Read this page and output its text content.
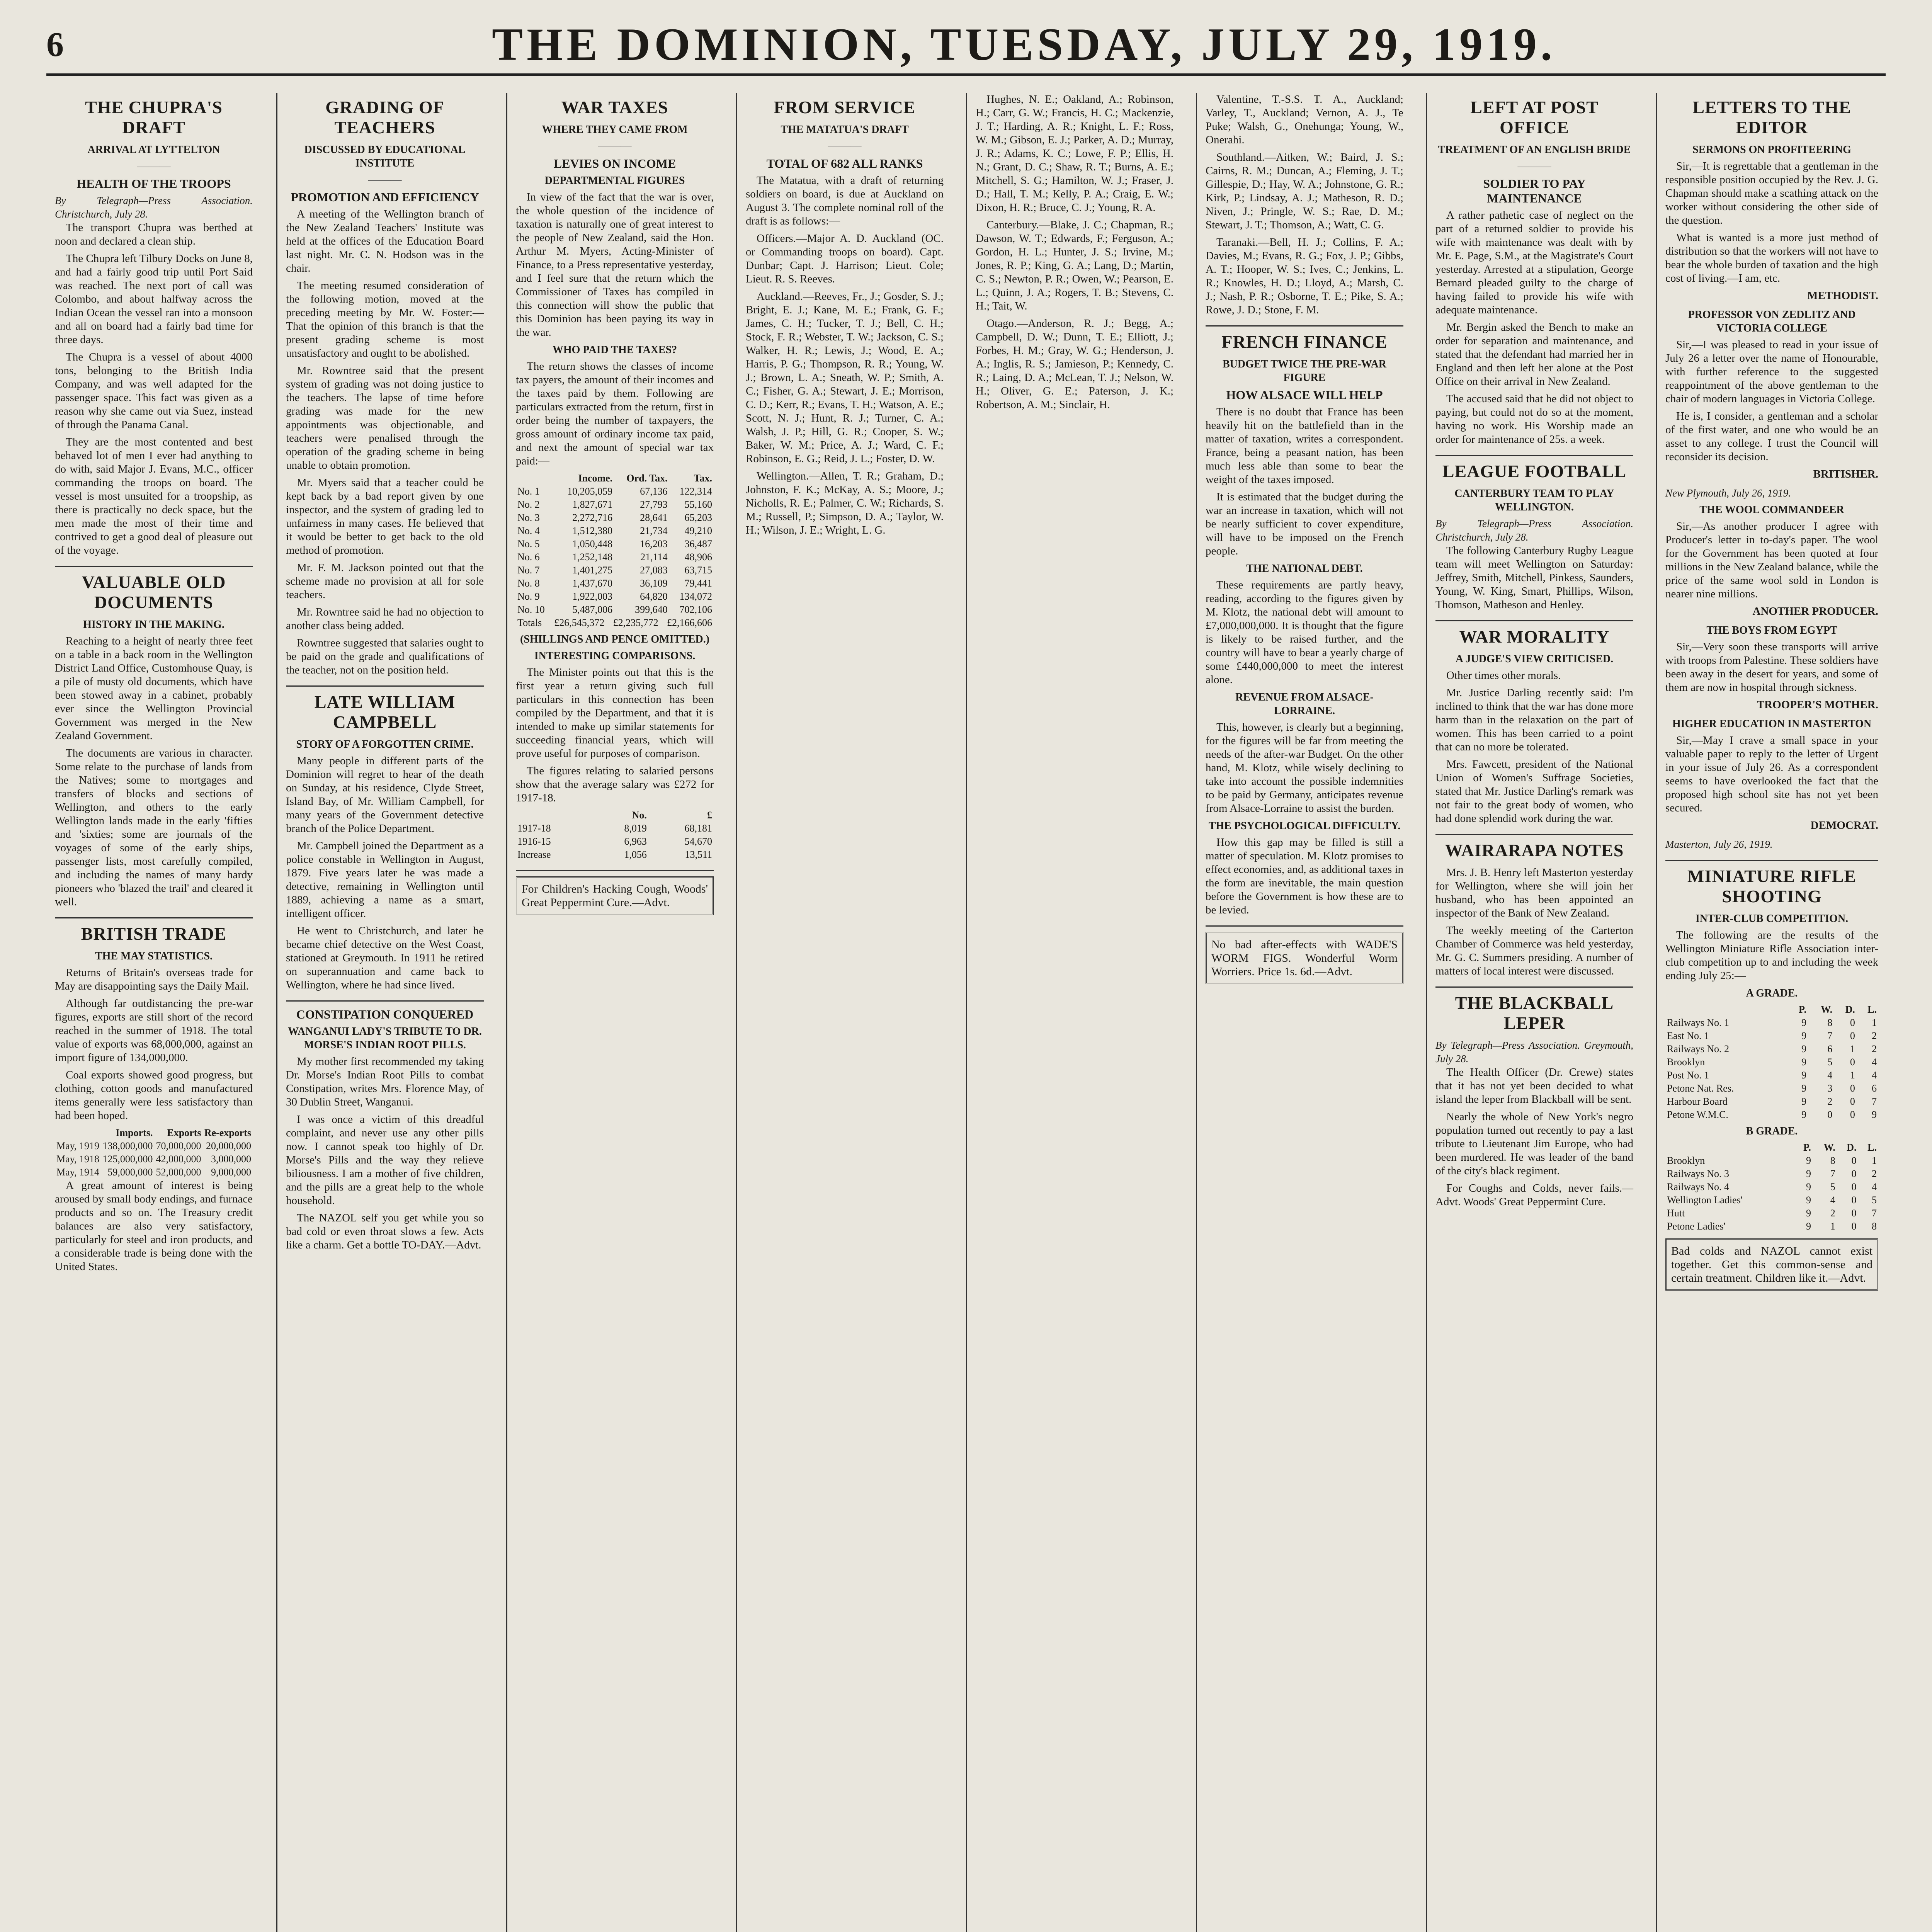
6	THE DOMINION, TUESDAY, JULY 29, 1919.
THE CHUPRA'S DRAFT
ARRIVAL AT LYTTELTON
———
HEALTH OF THE TROOPS
By Telegraph—Press Association. Christchurch, July 28.

The transport Chupra was berthed at noon and declared a clean ship.

The Chupra left Tilbury Docks on June 8, and had a fairly good trip until Port Said was reached. The next port of call was Colombo, and about halfway across the Indian Ocean the vessel ran into a monsoon and all on board had a fairly bad time for three days.

The Chupra is a vessel of about 4000 tons, belonging to the British India Company, and was well adapted for the passenger space. This fact was given as a reason why she came out via Suez, instead of through the Panama Canal.

They are the most contented and best behaved lot of men I ever had anything to do with, said Major J. Evans, M.C., officer commanding the troops on board. The vessel is most unsuited for a troopship, as there is practically no deck space, but the men made the most of their time and contrived to get a good deal of pleasure out of the voyage.

VALUABLE OLD DOCUMENTS
HISTORY IN THE MAKING.

Reaching to a height of nearly three feet on a table in a back room in the Wellington District Land Office, Customhouse Quay, is a pile of musty old documents, which have been stowed away in a cabinet, probably ever since the Wellington Provincial Government was merged in the New Zealand Government.

The documents are various in character. Some relate to the purchase of lands from the Natives; some to mortgages and transfers of blocks and sections of Wellington, and others to the early Wellington lands made in the early 'fifties and 'sixties; some are journals of the voyages of some of the early ships, passenger lists, most carefully compiled, and including the names of many hardy pioneers who 'blazed the trail' and cleared it well.

BRITISH TRADE
THE MAY STATISTICS.

Returns of Britain's overseas trade for May are disappointing says the Daily Mail.

Although far outdistancing the pre-war figures, exports are still short of the record reached in the summer of 1918. The total value of exports was 68,000,000, against an import figure of 134,000,000.

Coal exports showed good progress, but clothing, cotton goods and manufactured items generally were less satisfactory than had been hoped.

	Imports.	Exports	Re-exports
May, 1919	138,000,000	70,000,000	20,000,000
May, 1918	125,000,000	42,000,000	3,000,000
May, 1914	59,000,000	52,000,000	9,000,000

A great amount of interest is being aroused by small body endings, and furnace products and so on. The Treasury credit balances are also very satisfactory, particularly for steel and iron products, and a considerable trade is being done with the United States.

GRADING OF TEACHERS
DISCUSSED BY EDUCATIONAL INSTITUTE
———
PROMOTION AND EFFICIENCY

A meeting of the Wellington branch of the New Zealand Teachers' Institute was held at the offices of the Education Board last night. Mr. C. N. Hodson was in the chair.

The meeting resumed consideration of the following motion, moved at the preceding meeting by Mr. W. Foster:— That the opinion of this branch is that the present grading scheme is most unsatisfactory and ought to be abolished.

Mr. Rowntree said that the present system of grading was not doing justice to the teachers. The lapse of time before grading was made for the new appointments was objectionable, and teachers were penalised through the operation of the grading scheme in being unable to obtain promotion.

Mr. Myers said that a teacher could be kept back by a bad report given by one inspector, and the system of grading led to unfairness in many cases. He believed that it would be better to get back to the old method of promotion.

Mr. F. M. Jackson pointed out that the scheme made no provision at all for sole teachers.

Mr. Rowntree said he had no objection to another class being added.

Rowntree suggested that salaries ought to be paid on the grade and qualifications of the teacher, not on the position held.

LATE WILLIAM CAMPBELL
STORY OF A FORGOTTEN CRIME.

Many people in different parts of the Dominion will regret to hear of the death on Sunday, at his residence, Clyde Street, Island Bay, of Mr. William Campbell, for many years of the Government detective branch of the Police Department.

Mr. Campbell joined the Department as a police constable in Wellington in August, 1879. Five years later he was made a detective, remaining in Wellington until 1889, achieving a name as a smart, intelligent officer.

He went to Christchurch, and later he became chief detective on the West Coast, stationed at Greymouth. In 1911 he retired on superannuation and came back to Wellington, where he had since lived.

CONSTIPATION CONQUERED
WANGANUI LADY'S TRIBUTE TO DR. MORSE'S INDIAN ROOT PILLS.

My mother first recommended my taking Dr. Morse's Indian Root Pills to combat Constipation, writes Mrs. Florence May, of 30 Dublin Street, Wanganui.

I was once a victim of this dreadful complaint, and never use any other pills now. I cannot speak too highly of Dr. Morse's Pills and the way they relieve biliousness. I am a mother of five children, and the pills are a great help to the whole household.

The NAZOL self you get while you so bad cold or even throat slows a few. Acts like a charm. Get a bottle TO-DAY.—Advt.

WAR TAXES
WHERE THEY CAME FROM
———
LEVIES ON INCOME
DEPARTMENTAL FIGURES

In view of the fact that the war is over, the whole question of the incidence of taxation is naturally one of great interest to the people of New Zealand, said the Hon. Arthur M. Myers, Acting-Minister of Finance, to a Press representative yesterday, and I feel sure that the return which the Commissioner of Taxes has compiled in this connection will show the public that this Dominion has been paying its way in the war.

WHO PAID THE TAXES?

The return shows the classes of income tax payers, the amount of their incomes and the taxes paid by them. Following are particulars extracted from the return, first in order being the number of taxpayers, the gross amount of ordinary income tax paid, and next the amount of special war tax paid:—

	Income.	Ord. Tax.	Tax.
No. 1	10,205,059	67,136	122,314
No. 2	1,827,671	27,793	55,160
No. 3	2,272,716	28,641	65,203
No. 4	1,512,380	21,734	49,210
No. 5	1,050,448	16,203	36,487
No. 6	1,252,148	21,114	48,906
No. 7	1,401,275	27,083	63,715
No. 8	1,437,670	36,109	79,441
No. 9	1,922,003	64,820	134,072
No. 10	5,487,006	399,640	702,106
Totals	£26,545,372	£2,235,772	£2,166,606
(SHILLINGS AND PENCE OMITTED.)
INTERESTING COMPARISONS.

The Minister points out that this is the first year a return giving such full particulars in this connection has been compiled by the Department, and that it is intended to make up similar statements for succeeding financial years, which will prove useful for purposes of comparison.

The figures relating to salaried persons show that the average salary was £272 for 1917-18.

	No.	£
1917-18	8,019	68,181
1916-15	6,963	54,670
Increase	1,056	13,511
For Children's Hacking Cough, Woods' Great Peppermint Cure.—Advt.
FROM SERVICE
THE MATATUA'S DRAFT
———
TOTAL OF 682 ALL RANKS

The Matatua, with a draft of returning soldiers on board, is due at Auckland on August 3. The complete nominal roll of the draft is as follows:—

Officers.—Major A. D. Auckland (OC. or Commanding troops on board). Capt. Dunbar; Capt. J. Harrison; Lieut. Cole; Lieut. R. S. Reeves.

Auckland.—Reeves, Fr., J.; Gosder, S. J.; Bright, E. J.; Kane, M. E.; Frank, G. F.; James, C. H.; Tucker, T. J.; Bell, C. H.; Stock, F. R.; Webster, T. W.; Jackson, C. S.; Walker, H. R.; Lewis, J.; Wood, E. A.; Harris, P. G.; Thompson, R. R.; Young, W. J.; Brown, L. A.; Sneath, W. P.; Smith, A. C.; Fisher, G. A.; Stewart, J. E.; Morrison, C. D.; Kerr, R.; Evans, T. H.; Watson, A. E.; Scott, N. J.; Hunt, R. J.; Turner, C. A.; Walsh, J. P.; Hill, G. R.; Cooper, S. W.; Baker, W. M.; Price, A. J.; Ward, C. F.; Robinson, E. G.; Reid, J. L.; Foster, D. W.

Wellington.—Allen, T. R.; Graham, D.; Johnston, F. K.; McKay, A. S.; Moore, J.; Nicholls, R. E.; Palmer, C. W.; Richards, S. M.; Russell, P.; Simpson, D. A.; Taylor, W. H.; Wilson, J. E.; Wright, L. G.

Hughes, N. E.; Oakland, A.; Robinson, H.; Carr, G. W.; Francis, H. C.; Mackenzie, J. T.; Harding, A. R.; Knight, L. F.; Ross, W. M.; Gibson, E. J.; Parker, A. D.; Murray, J. R.; Adams, K. C.; Lowe, F. P.; Ellis, H. N.; Grant, D. C.; Shaw, R. T.; Burns, A. E.; Mitchell, S. G.; Hamilton, W. J.; Fraser, J. D.; Hall, T. M.; Kelly, P. A.; Craig, E. W.; Dixon, H. R.; Bruce, C. J.; Young, R. A.

Canterbury.—Blake, J. C.; Chapman, R.; Dawson, W. T.; Edwards, F.; Ferguson, A.; Gordon, H. L.; Hunter, J. S.; Irvine, M.; Jones, R. P.; King, G. A.; Lang, D.; Martin, C. S.; Newton, P. R.; Owen, W.; Pearson, E. L.; Quinn, J. A.; Rogers, T. B.; Stevens, C. H.; Tait, W.

Otago.—Anderson, R. J.; Begg, A.; Campbell, D. W.; Dunn, T. E.; Elliott, J.; Forbes, H. M.; Gray, W. G.; Henderson, J. A.; Inglis, R. S.; Jamieson, P.; Kennedy, C. R.; Laing, D. A.; McLean, T. J.; Nelson, W. H.; Oliver, G. E.; Paterson, J. K.; Robertson, A. M.; Sinclair, H.

Valentine, T.-S.S. T. A., Auckland; Varley, T., Auckland; Vernon, A. J., Te Puke; Walsh, G., Onehunga; Young, W., Onerahi.

Southland.—Aitken, W.; Baird, J. S.; Cairns, R. M.; Duncan, A.; Fleming, J. T.; Gillespie, D.; Hay, W. A.; Johnstone, G. R.; Kirk, P.; Lindsay, A. J.; Matheson, R. D.; Niven, J.; Pringle, W. S.; Rae, D. M.; Stewart, J. T.; Thomson, A.; Watt, C. G.

Taranaki.—Bell, H. J.; Collins, F. A.; Davies, M.; Evans, R. G.; Fox, J. P.; Gibbs, A. T.; Hooper, W. S.; Ives, C.; Jenkins, L. R.; Knowles, H. D.; Lloyd, A.; Marsh, C. J.; Nash, P. R.; Osborne, T. E.; Pike, S. A.; Rowe, J. D.; Stone, F. M.

FRENCH FINANCE
BUDGET TWICE THE PRE-WAR FIGURE
HOW ALSACE WILL HELP

There is no doubt that France has been heavily hit on the battlefield than in the matter of taxation, writes a correspondent. France, being a peasant nation, has been much less able than some to bear the weight of the taxes imposed.

It is estimated that the budget during the war an increase in taxation, which will not be nearly sufficient to cover expenditure, will have to be imposed on the French people.

THE NATIONAL DEBT.

These requirements are partly heavy, reading, according to the figures given by M. Klotz, the national debt will amount to £7,000,000,000. It is thought that the figure is likely to be raised further, and the country will have to bear a yearly charge of some £440,000,000 to meet the interest alone.

REVENUE FROM ALSACE-LORRAINE.

This, however, is clearly but a beginning, for the figures will be far from meeting the needs of the after-war Budget. On the other hand, M. Klotz, while wisely declining to take into account the possible indemnities to be paid by Germany, anticipates revenue from Alsace-Lorraine to assist the burden.

THE PSYCHOLOGICAL DIFFICULTY.

How this gap may be filled is still a matter of speculation. M. Klotz promises to effect economies, and, as additional taxes in the form are inevitable, the main question before the Government is how these are to be levied.

No bad after-effects with WADE'S WORM FIGS. Wonderful Worm Worriers. Price 1s. 6d.—Advt.
LEFT AT POST OFFICE
TREATMENT OF AN ENGLISH BRIDE
———
SOLDIER TO PAY MAINTENANCE

A rather pathetic case of neglect on the part of a returned soldier to provide his wife with maintenance was dealt with by Mr. E. Page, S.M., at the Magistrate's Court yesterday. Arrested at a stipulation, George Bernard pleaded guilty to the charge of having failed to provide his wife with adequate maintenance.

Mr. Bergin asked the Bench to make an order for separation and maintenance, and stated that the defendant had married her in England and then left her alone at the Post Office on their arrival in New Zealand.

The accused said that he did not object to paying, but could not do so at the moment, having no work. His Worship made an order for maintenance of 25s. a week.

LEAGUE FOOTBALL
CANTERBURY TEAM TO PLAY WELLINGTON.
By Telegraph—Press Association. Christchurch, July 28.

The following Canterbury Rugby League team will meet Wellington on Saturday: Jeffrey, Smith, Mitchell, Pinkess, Saunders, Young, W. King, Smart, Phillips, Wilson, Thomson, Matheson and Henley.

WAR MORALITY
A JUDGE'S VIEW CRITICISED.

Other times other morals.

Mr. Justice Darling recently said: I'm inclined to think that the war has done more harm than in the relaxation on the part of women. This has been carried to a point that can no more be tolerated.

Mrs. Fawcett, president of the National Union of Women's Suffrage Societies, stated that Mr. Justice Darling's remark was not fair to the great body of women, who had done splendid work during the war.

WAIRARAPA NOTES

Mrs. J. B. Henry left Masterton yesterday for Wellington, where she will join her husband, who has been appointed an inspector of the Bank of New Zealand.

The weekly meeting of the Carterton Chamber of Commerce was held yesterday, Mr. G. C. Summers presiding. A number of matters of local interest were discussed.

THE BLACKBALL LEPER
By Telegraph—Press Association. Greymouth, July 28.

The Health Officer (Dr. Crewe) states that it has not yet been decided to what island the leper from Blackball will be sent.

Nearly the whole of New York's negro population turned out recently to pay a last tribute to Lieutenant Jim Europe, who had been murdered. He was leader of the band of the city's black regiment.

For Coughs and Colds, never fails.—Advt. Woods' Great Peppermint Cure.

LETTERS TO THE EDITOR
SERMONS ON PROFITEERING

Sir,—It is regrettable that a gentleman in the responsible position occupied by the Rev. J. G. Chapman should make a scathing attack on the worker without considering the other side of the question.

What is wanted is a more just method of distribution so that the workers will not have to bear the whole burden of taxation and the high cost of living.—I am, etc.

METHODIST.
PROFESSOR VON ZEDLITZ AND VICTORIA COLLEGE

Sir,—I was pleased to read in your issue of July 26 a letter over the name of Honourable, with further reference to the suggested reappointment of the above gentleman to the chair of modern languages in Victoria College.

He is, I consider, a gentleman and a scholar of the first water, and one who would be an asset to any college. I trust the Council will reconsider its decision.

BRITISHER.
New Plymouth, July 26, 1919.
THE WOOL COMMANDEER

Sir,—As another producer I agree with Producer's letter in to-day's paper. The wool for the Government has been quoted at four millions in the New Zealand balance, while the price of the same wool sold in London is nearer nine millions.

ANOTHER PRODUCER.
THE BOYS FROM EGYPT

Sir,—Very soon these transports will arrive with troops from Palestine. These soldiers have been away in the desert for years, and some of them are now in hospital through sickness.

TROOPER'S MOTHER.
HIGHER EDUCATION IN MASTERTON

Sir,—May I crave a small space in your valuable paper to reply to the letter of Urgent in your issue of July 26. As a correspondent seems to have overlooked the fact that the proposed high school site has not yet been secured.

DEMOCRAT.
Masterton, July 26, 1919.
MINIATURE RIFLE SHOOTING
INTER-CLUB COMPETITION.

The following are the results of the Wellington Miniature Rifle Association inter-club competition up to and including the week ending July 25:—

A GRADE.
	P.	W.	D.	L.
Railways No. 1	9	8	0	1
East No. 1	9	7	0	2
Railways No. 2	9	6	1	2
Brooklyn	9	5	0	4
Post No. 1	9	4	1	4
Petone Nat. Res.	9	3	0	6
Harbour Board	9	2	0	7
Petone W.M.C.	9	0	0	9
B GRADE.
	P.	W.	D.	L.
Brooklyn	9	8	0	1
Railways No. 3	9	7	0	2
Railways No. 4	9	5	0	4
Wellington Ladies'	9	4	0	5
Hutt	9	2	0	7
Petone Ladies'	9	1	0	8
Bad colds and NAZOL cannot exist together. Get this common-sense and certain treatment. Children like it.—Advt.
